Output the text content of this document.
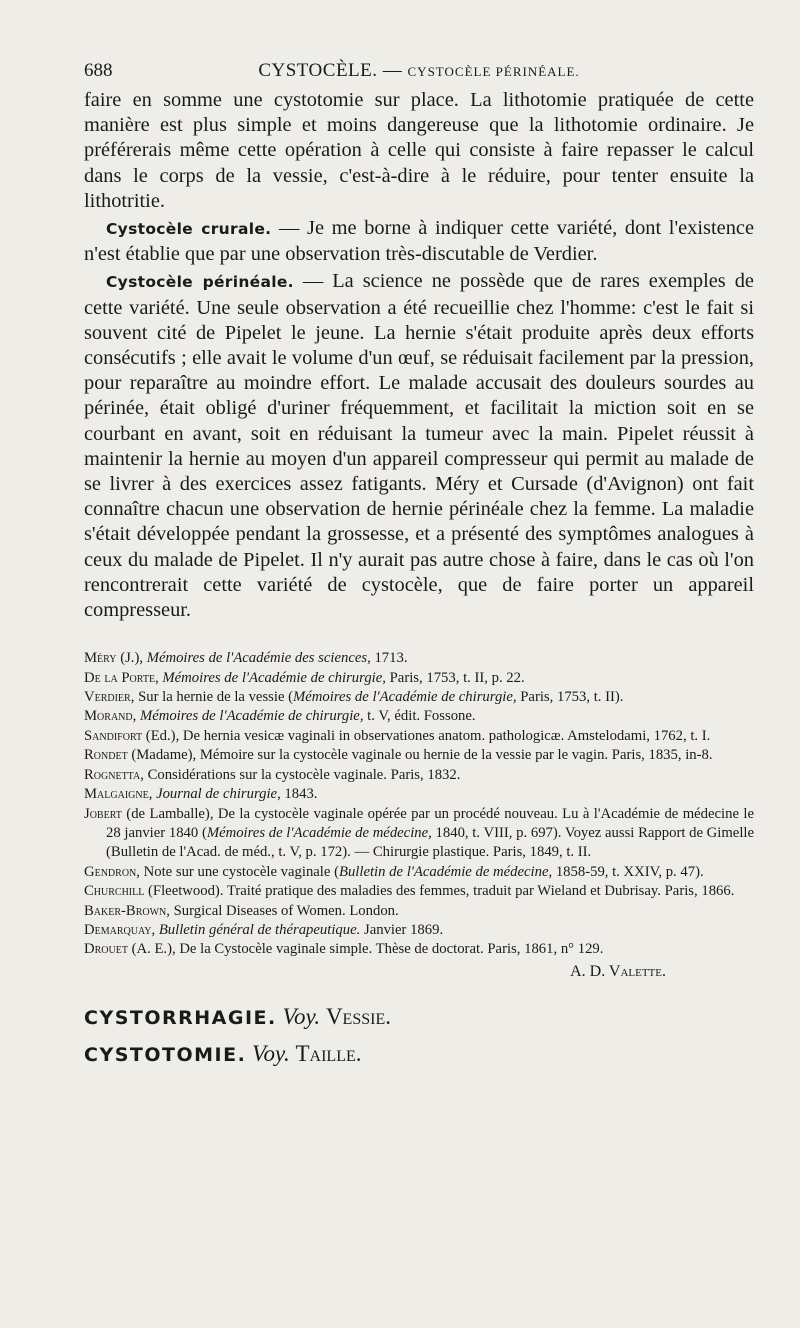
688	CYSTOCÈLE. — CYSTOCÈLE PÉRINÉALE.

faire en somme une cystotomie sur place. La lithotomie pratiquée de cette manière est plus simple et moins dangereuse que la lithotomie ordinaire. Je préférerais même cette opération à celle qui consiste à faire repasser le calcul dans le corps de la vessie, c'est-à-dire à le réduire, pour tenter ensuite la lithotritie.

Cystocèle crurale. — Je me borne à indiquer cette variété, dont l'existence n'est établie que par une observation très-discutable de Verdier.

Cystocèle périnéale. — La science ne possède que de rares exemples de cette variété. Une seule observation a été recueillie chez l'homme: c'est le fait si souvent cité de Pipelet le jeune. La hernie s'était produite après deux efforts consécutifs ; elle avait le volume d'un œuf, se réduisait facilement par la pression, pour reparaître au moindre effort. Le malade accusait des douleurs sourdes au périnée, était obligé d'uriner fréquemment, et facilitait la miction soit en se courbant en avant, soit en réduisant la tumeur avec la main. Pipelet réussit à maintenir la hernie au moyen d'un appareil compresseur qui permit au malade de se livrer à des exercices assez fatigants. Méry et Cursade (d'Avignon) ont fait connaître chacun une observation de hernie périnéale chez la femme. La maladie s'était développée pendant la grossesse, et a présenté des symptômes analogues à ceux du malade de Pipelet. Il n'y aurait pas autre chose à faire, dans le cas où l'on rencontrerait cette variété de cystocèle, que de faire porter un appareil compresseur.

Méry (J.), Mémoires de l'Académie des sciences, 1713.
De la Porte, Mémoires de l'Académie de chirurgie, Paris, 1753, t. II, p. 22.
Verdier, Sur la hernie de la vessie (Mémoires de l'Académie de chirurgie, Paris, 1753, t. II).
Morand, Mémoires de l'Académie de chirurgie, t. V, édit. Fossone.
Sandifort (Ed.), De hernia vesicæ vaginali in observationes anatom. pathologicæ. Amstelodami, 1762, t. I.
Rondet (Madame), Mémoire sur la cystocèle vaginale ou hernie de la vessie par le vagin. Paris, 1835, in-8.
Rognetta, Considérations sur la cystocèle vaginale. Paris, 1832.
Malgaigne, Journal de chirurgie, 1843.
Jobert (de Lamballe), De la cystocèle vaginale opérée par un procédé nouveau. Lu à l'Académie de médecine le 28 janvier 1840 (Mémoires de l'Académie de médecine, 1840, t. VIII, p. 697). Voyez aussi Rapport de Gimelle (Bulletin de l'Acad. de méd., t. V, p. 172). — Chirurgie plastique. Paris, 1849, t. II.
Gendron, Note sur une cystocèle vaginale (Bulletin de l'Académie de médecine, 1858-59, t. XXIV, p. 47).
Churchill (Fleetwood). Traité pratique des maladies des femmes, traduit par Wieland et Dubrisay. Paris, 1866.
Baker-Brown, Surgical Diseases of Women. London.
Demarquay, Bulletin général de thérapeutique. Janvier 1869.
Drouet (A. E.), De la Cystocèle vaginale simple. Thèse de doctorat. Paris, 1861, n° 129.
A. D. Valette.
CYSTORRHAGIE. Voy. Vessie.
CYSTOTOMIE. Voy. Taille.
